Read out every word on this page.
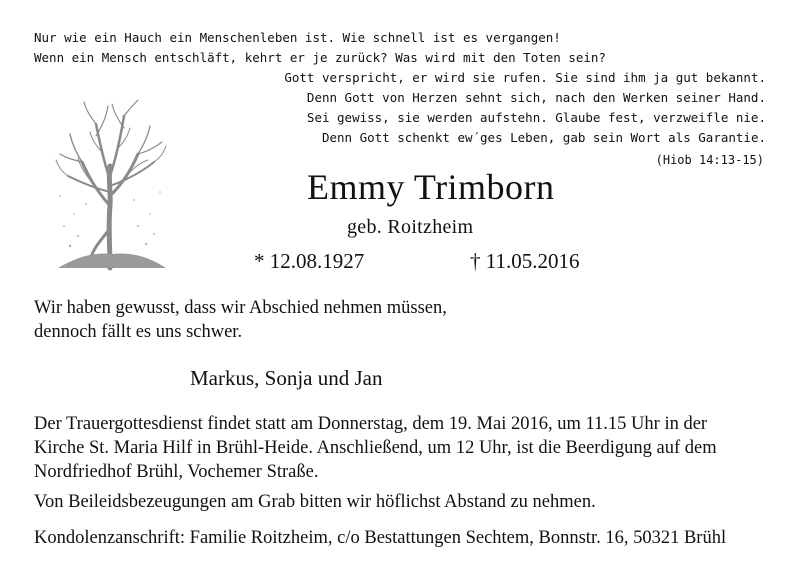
Nur wie ein Hauch ein Menschenleben ist. Wie schnell ist es vergangen!
Wenn ein Mensch entschläft, kehrt er je zurück? Was wird mit den Toten sein?
Gott verspricht, er wird sie rufen. Sie sind ihm ja gut bekannt.
Denn Gott von Herzen sehnt sich, nach den Werken seiner Hand.
Sei gewiss, sie werden aufstehn. Glaube fest, verzweifle nie.
Denn Gott schenkt ew´ges Leben, gab sein Wort als Garantie.
(Hiob 14:13-15)
Emmy Trimborn
geb. Roitzheim
* 12.08.1927	† 11.05.2016
Wir haben gewusst, dass wir Abschied nehmen müssen,
dennoch fällt es uns schwer.
Markus, Sonja und Jan
Der Trauergottesdienst findet statt am Donnerstag, dem 19. Mai 2016, um 11.15 Uhr in der
Kirche St. Maria Hilf in Brühl-Heide. Anschließend, um 12 Uhr, ist die Beerdigung auf dem
Nordfriedhof Brühl, Vochemer Straße.
Von Beileidsbezeugungen am Grab bitten wir höflichst Abstand zu nehmen.
Kondolenzanschrift: Familie Roitzheim, c/o Bestattungen Sechtem, Bonnstr. 16, 50321 Brühl
